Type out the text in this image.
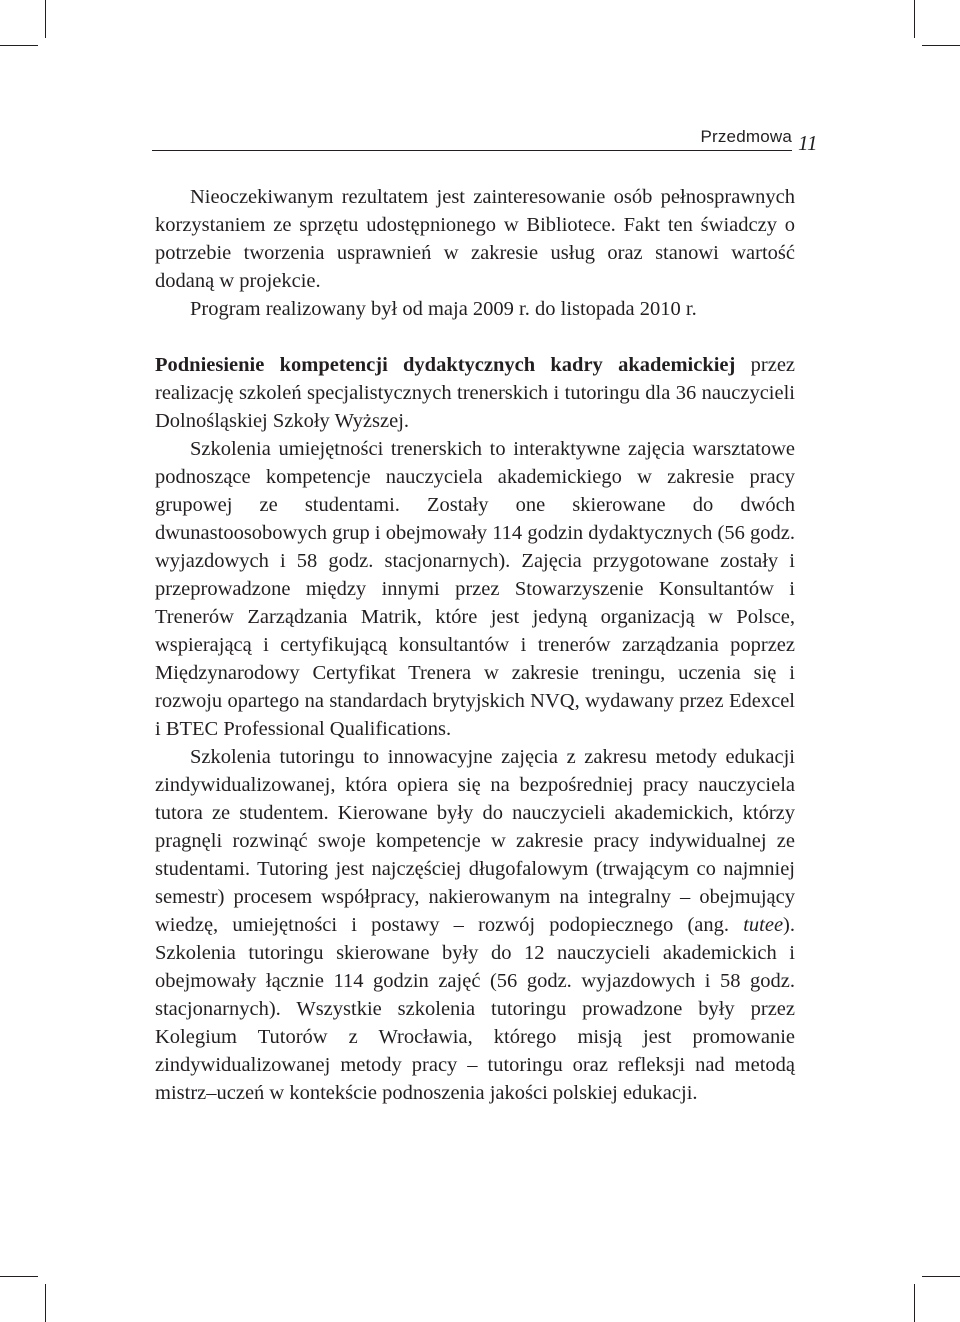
Przedmowa 11

Nieoczekiwanym rezultatem jest zainteresowanie osób pełnosprawnych korzystaniem ze sprzętu udostępnionego w Bibliotece. Fakt ten świadczy o potrzebie tworzenia usprawnień w zakresie usług oraz stanowi wartość dodaną w projekcie.

Program realizowany był od maja 2009 r. do listopada 2010 r.

Podniesienie kompetencji dydaktycznych kadry akademickiej przez realizację szkoleń specjalistycznych trenerskich i tutoringu dla 36 nauczycieli Dolnośląskiej Szkoły Wyższej.

Szkolenia umiejętności trenerskich to interaktywne zajęcia warsztatowe podnoszące kompetencje nauczyciela akademickiego w zakresie pracy grupowej ze studentami. Zostały one skierowane do dwóch dwunastoosobowych grup i obejmowały 114 godzin dydaktycznych (56 godz. wyjazdowych i 58 godz. stacjonarnych). Zajęcia przygotowane zostały i przeprowadzone między innymi przez Stowarzyszenie Konsultantów i Trenerów Zarządzania Matrik, które jest jedyną organizacją w Polsce, wspierającą i certyfikującą konsultantów i trenerów zarządzania poprzez Międzynarodowy Certyfikat Trenera w zakresie treningu, uczenia się i rozwoju opartego na standardach brytyjskich NVQ, wydawany przez Edexcel i BTEC Professional Qualifications.

Szkolenia tutoringu to innowacyjne zajęcia z zakresu metody edukacji zindywidualizowanej, która opiera się na bezpośredniej pracy nauczyciela tutora ze studentem. Kierowane były do nauczycieli akademickich, którzy pragnęli rozwinąć swoje kompetencje w zakresie pracy indywidualnej ze studentami. Tutoring jest najczęściej długofalowym (trwającym co najmniej semestr) procesem współpracy, nakierowanym na integralny – obejmujący wiedzę, umiejętności i postawy – rozwój podopiecznego (ang. tutee). Szkolenia tutoringu skierowane były do 12 nauczycieli akademickich i obejmowały łącznie 114 godzin zajęć (56 godz. wyjazdowych i 58 godz. stacjonarnych). Wszystkie szkolenia tutoringu prowadzone były przez Kolegium Tutorów z Wrocławia, którego misją jest promowanie zindywidualizowanej metody pracy – tutoringu oraz refleksji nad metodą mistrz–uczeń w kontekście podnoszenia jakości polskiej edukacji.
